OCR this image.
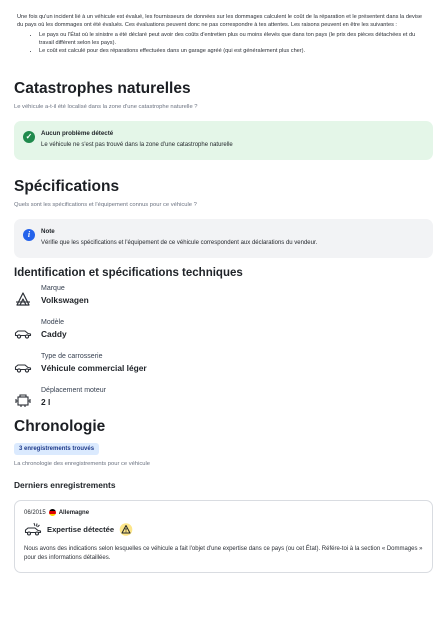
Une fois qu'un incident lié à un véhicule est évalué, les fournisseurs de données sur les dommages calculent le coût de la réparation et le présentent dans la devise du pays où les dommages ont été évalués. Ces évaluations peuvent donc ne pas correspondre à tes attentes. Les raisons peuvent en être les suivantes :

• Le pays ou l'État où le sinistre a été déclaré peut avoir des coûts d'entretien plus ou moins élevés que dans ton pays (le prix des pièces détachées et du travail diffèrent selon les pays).
• Le coût est calculé pour des réparations effectuées dans un garage agréé (qui est généralement plus cher).
Catastrophes naturelles
Le véhicule a-t-il été localisé dans la zone d'une catastrophe naturelle ?
✓	Aucun problème détecté
Le véhicule ne s'est pas trouvé dans la zone d'une catastrophe naturelle
Spécifications
Quels sont les spécifications et l'équipement connus pour ce véhicule ?
i	Note
Vérifie que les spécifications et l'équipement de ce véhicule correspondent aux déclarations du vendeur.
Identification et spécifications techniques
Marque
Volkswagen
Modèle
Caddy
Type de carrosserie
Véhicule commercial léger
Déplacement moteur
2 l
Chronologie
3 enregistrements trouvés
La chronologie des enregistrements pour ce véhicule
Derniers enregistrements
06/2015 Allemagne
Expertise détectée
Nous avons des indications selon lesquelles ce véhicule a fait l'objet d'une expertise dans ce pays (ou cet État). Référe-toi à la section « Dommages » pour des informations détaillées.
